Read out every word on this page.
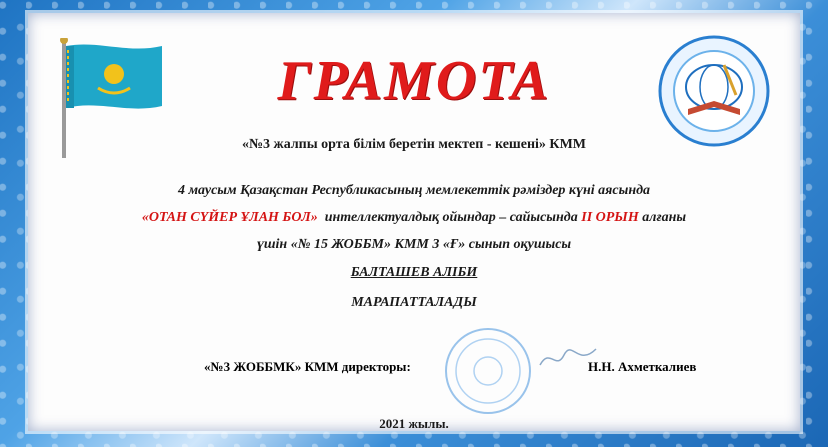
ГРАМОТА
«№3 жалпы орта білім беретін мектеп - кешені» КММ
4 маусым Қазақстан Республикасының мемлекеттік рәміздер күні аясында
«ОТАН СҮЙЕР ҰЛАН БОЛ» интеллектуалдық ойындар – сайысында II ОРЫН алғаны
үшін «№ 15 ЖОББМ» КММ 3 «Ғ» сынып оқушысы
БАЛТАШЕВ АЛІБИ
МАРАПАТТАЛАДЫ
«№3 ЖОББМК» КММ директоры:	Н.Н. Ахметкалиев
2021 жылы.
